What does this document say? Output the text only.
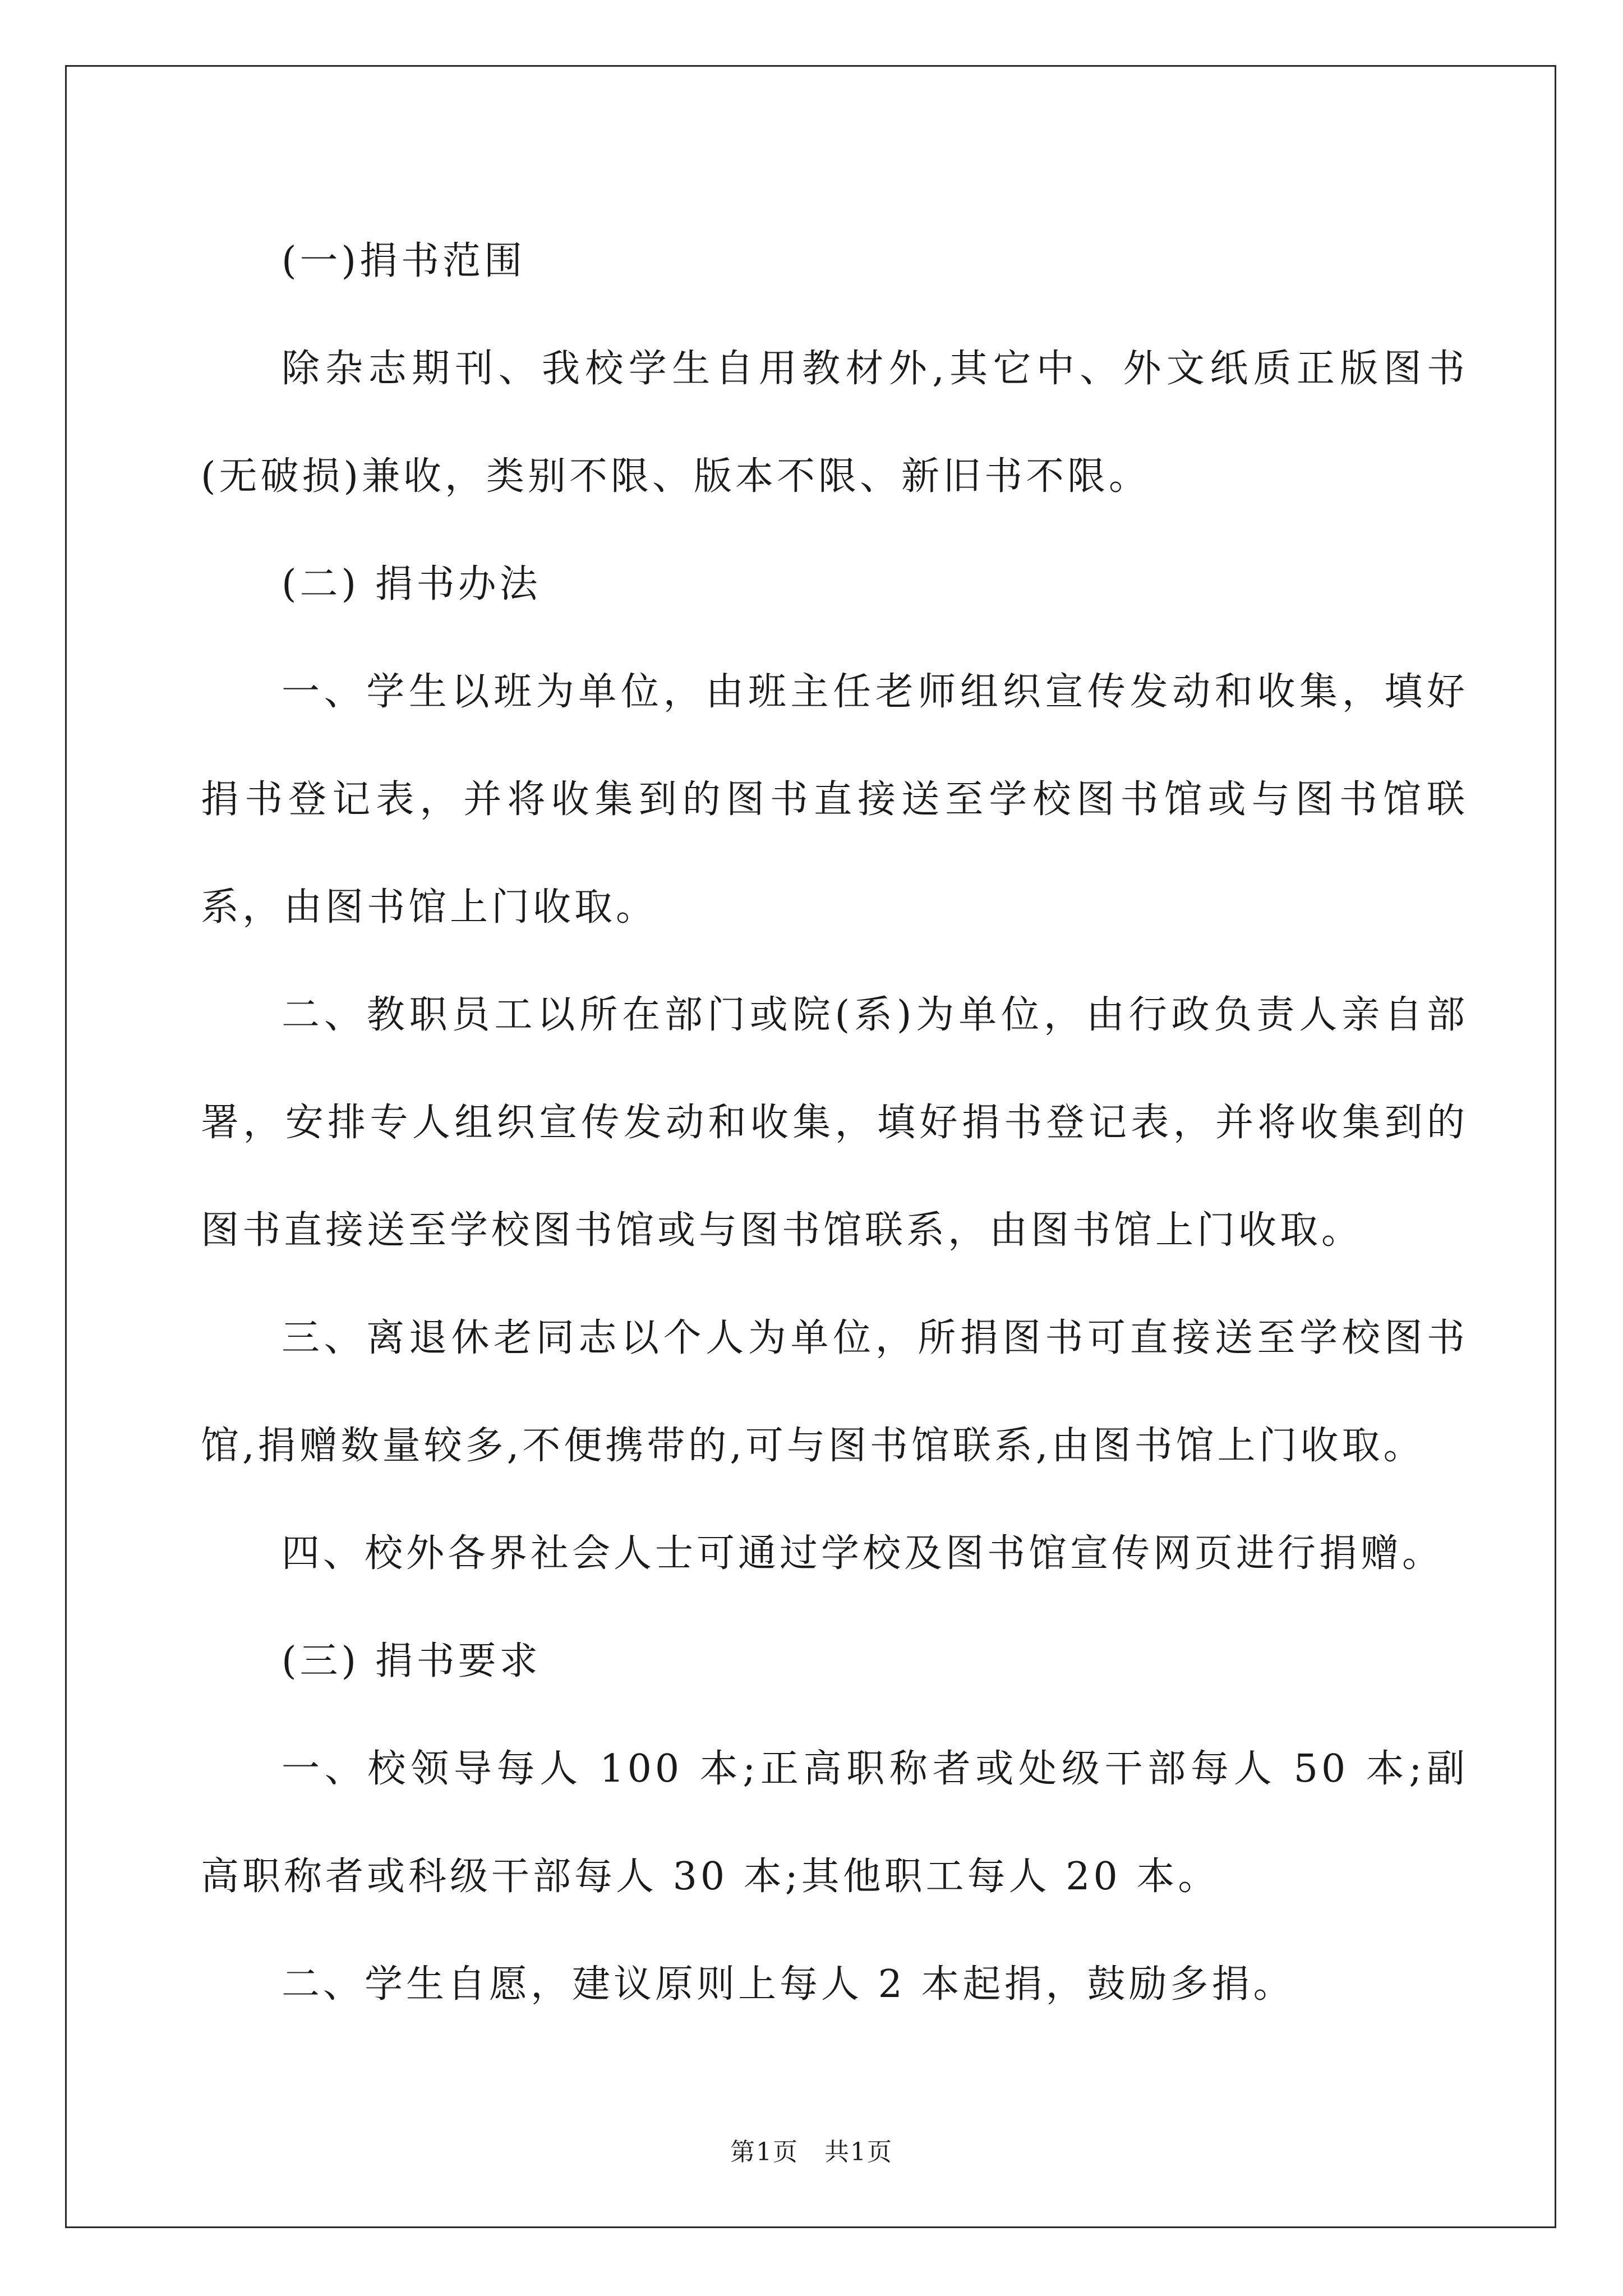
(一)捐书范围

除杂志期刊、我校学生自用教材外,其它中、外文纸质正版图书(无破损)兼收，类别不限、版本不限、新旧书不限。

(二) 捐书办法

一、学生以班为单位，由班主任老师组织宣传发动和收集，填好捐书登记表，并将收集到的图书直接送至学校图书馆或与图书馆联系，由图书馆上门收取。

二、教职员工以所在部门或院(系)为单位，由行政负责人亲自部署，安排专人组织宣传发动和收集，填好捐书登记表，并将收集到的图书直接送至学校图书馆或与图书馆联系，由图书馆上门收取。

三、离退休老同志以个人为单位，所捐图书可直接送至学校图书馆,捐赠数量较多,不便携带的,可与图书馆联系,由图书馆上门收取。

四、校外各界社会人士可通过学校及图书馆宣传网页进行捐赠。

(三) 捐书要求

一、校领导每人 100 本;正高职称者或处级干部每人 50 本;副高职称者或科级干部每人 30 本;其他职工每人 20 本。

二、学生自愿，建议原则上每人 2 本起捐，鼓励多捐。

第1页　共1页
